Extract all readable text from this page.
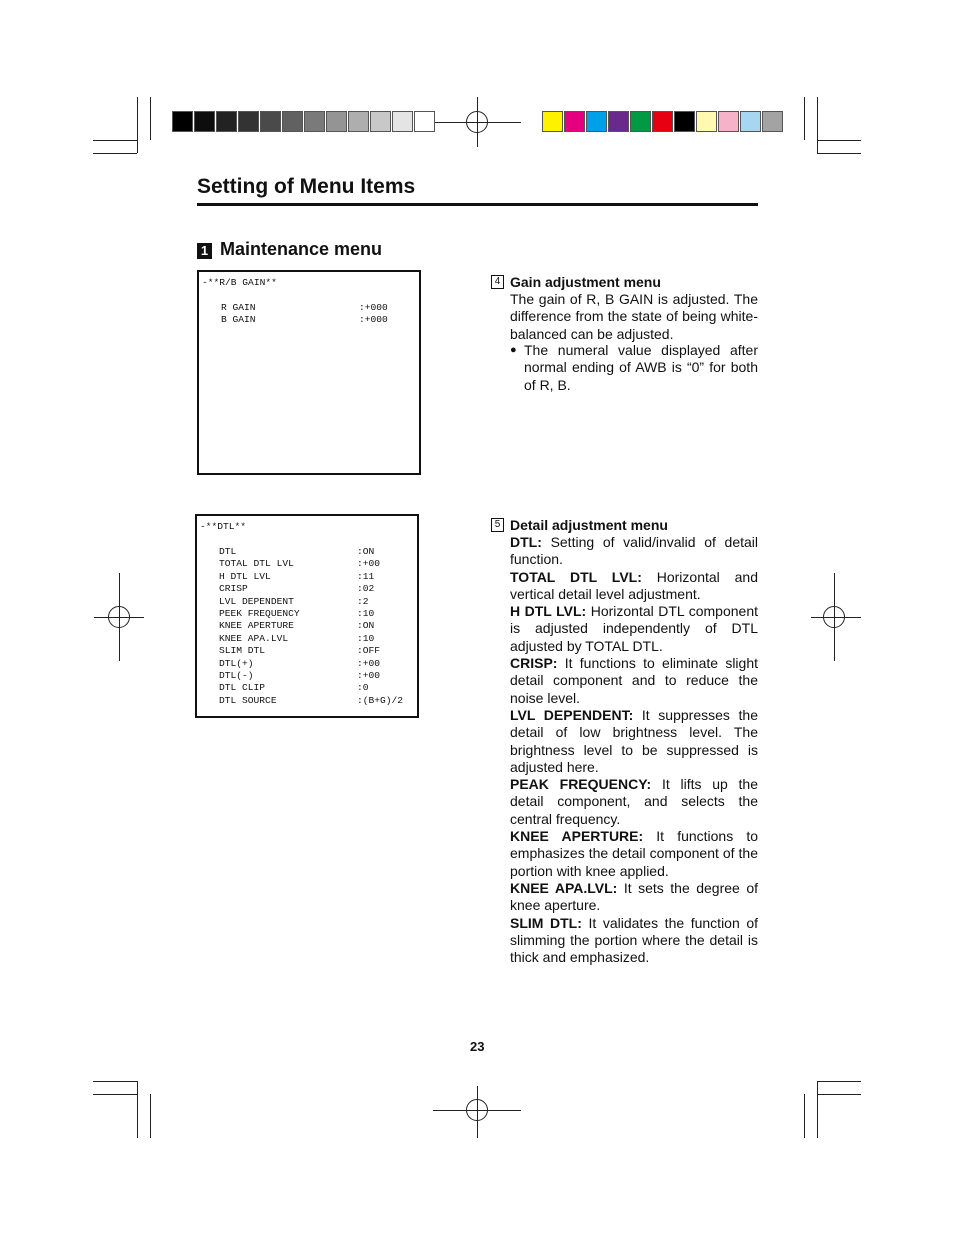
Setting of Menu Items
1 Maintenance menu
-**R/B GAIN**
R GAIN	:+000
B GAIN	:+000
-**DTL**
DTL	:ON
TOTAL DTL LVL	:+00
H DTL LVL	:11
CRISP	:02
LVL DEPENDENT	:2
PEEK FREQUENCY	:10
KNEE APERTURE	:ON
KNEE APA.LVL	:10
SLIM DTL	:OFF
DTL(+)	:+00
DTL(-)	:+00
DTL CLIP	:0
DTL SOURCE	:(B+G)/2
4 Gain adjustment menu
The gain of R, B GAIN is adjusted. The difference from the state of being white-balanced can be adjusted.
● The numeral value displayed after normal ending of AWB is “0” for both of R, B.
5 Detail adjustment menu
DTL: Setting of valid/invalid of detail function.
TOTAL DTL LVL: Horizontal and vertical detail level adjustment.
H DTL LVL: Horizontal DTL component is adjusted independently of DTL adjusted by TOTAL DTL.
CRISP: It functions to eliminate slight detail component and to reduce the noise level.
LVL DEPENDENT: It suppresses the detail of low brightness level. The brightness level to be suppressed is adjusted here.
PEAK FREQUENCY: It lifts up the detail component, and selects the central frequency.
KNEE APERTURE: It functions to emphasizes the detail component of the portion with knee applied.
KNEE APA.LVL: It sets the degree of knee aperture.
SLIM DTL: It validates the function of slimming the portion where the detail is thick and emphasized.
23
